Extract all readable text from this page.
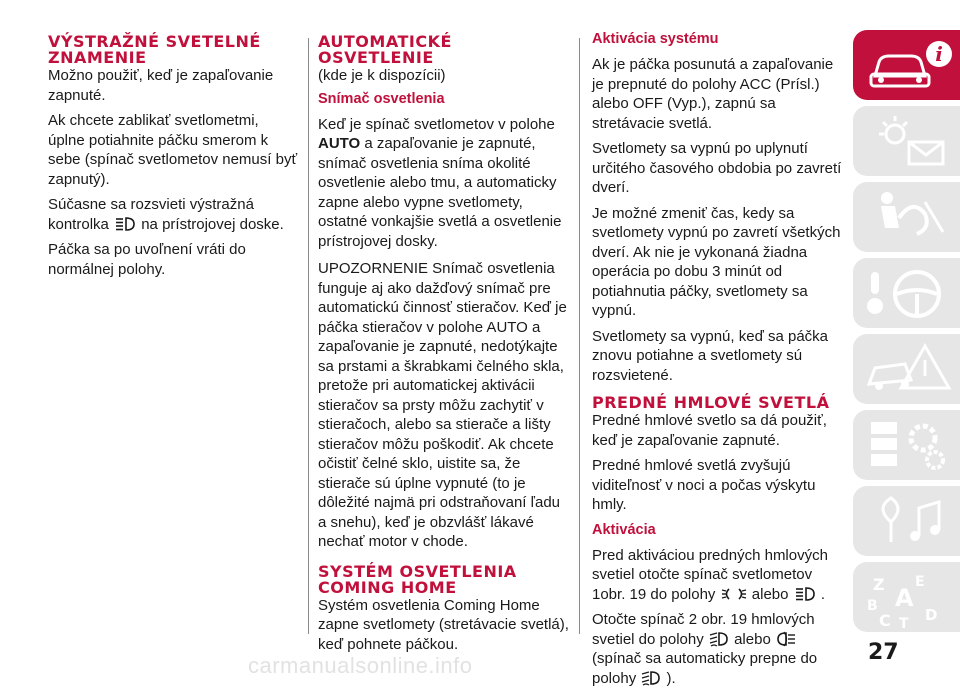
VÝSTRAŽNÉ SVETELNÉ ZNAMENIE

Možno použiť, keď je zapaľovanie zapnuté.

Ak chcete zablikať svetlometmi, úplne potiahnite páčku smerom k sebe (spínač svetlometov nemusí byť zapnutý).

Súčasne sa rozsvieti výstražná kontrolka na prístrojovej doske.

Páčka sa po uvoľnení vráti do normálnej polohy.

AUTOMATICKÉ OSVETLENIE

(kde je k dispozícii)

Snímač osvetlenia

Keď je spínač svetlometov v polohe AUTO a zapaľovanie je zapnuté, snímač osvetlenia sníma okolité osvetlenie alebo tmu, a automaticky zapne alebo vypne svetlomety, ostatné vonkajšie svetlá a osvetlenie prístrojovej dosky.

UPOZORNENIE Snímač osvetlenia funguje aj ako dažďový snímač pre automatickú činnosť stieračov. Keď je páčka stieračov v polohe AUTO a zapaľovanie je zapnuté, nedotýkajte sa prstami a škrabkami čelného skla, pretože pri automatickej aktivácii stieračov sa prsty môžu zachytiť v stieračoch, alebo sa stierače a lišty stieračov môžu poškodiť. Ak chcete očistiť čelné sklo, uistite sa, že stierače sú úplne vypnuté (to je dôležité najmä pri odstraňovaní ľadu a snehu), keď je obzvlášť lákavé nechať motor v chode.

SYSTÉM OSVETLENIA COMING HOME

Systém osvetlenia Coming Home zapne svetlomety (stretávacie svetlá), keď pohnete páčkou.

Aktivácia systému

Ak je páčka posunutá a zapaľovanie je prepnuté do polohy ACC (Prísl.) alebo OFF (Vyp.), zapnú sa stretávacie svetlá.

Svetlomety sa vypnú po uplynutí určitého časového obdobia po zavretí dverí.

Je možné zmeniť čas, kedy sa svetlomety vypnú po zavretí všetkých dverí. Ak nie je vykonaná žiadna operácia po dobu 3 minút od potiahnutia páčky, svetlomety sa vypnú.

Svetlomety sa vypnú, keď sa páčka znovu potiahne a svetlomety sú rozsvietené.

PREDNÉ HMLOVÉ SVETLÁ

Predné hmlové svetlo sa dá použiť, keď je zapaľovanie zapnuté.

Predné hmlové svetlá zvyšujú viditeľnosť v noci a počas výskytu hmly.

Aktivácia

Pred aktiváciou predných hmlových svetiel otočte spínač svetlometov 1obr. 19 do polohy alebo .

Otočte spínač 2 obr. 19 hmlových svetiel do polohy alebo  (spínač sa automaticky prepne do polohy ).

i
Z E
B A
C T D
27
carmanualsonline.info
